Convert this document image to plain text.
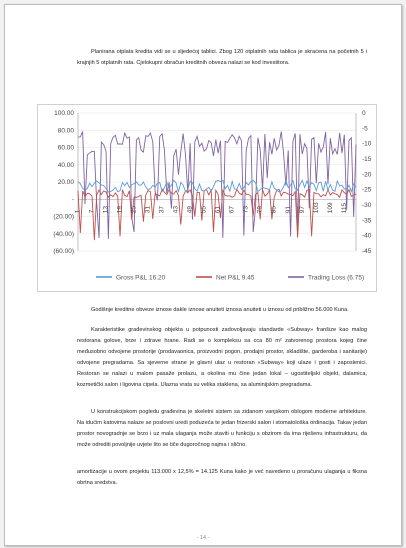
Planirana otplata kredita vidi se u sljedećoj tablici. Zbog 120 otplatnih rata tablica je skraćena na početnih 5 i krajnjih 5 otplatnih rata. Cjelokupni obračun kreditnih obveza nalazi se kod investitora.

100.00
80.00
60.00
40.00
20.00
-
(20.00)
(40.00)
(60.00)
0
-5
-10
-15
-20
-25
-30
-35
-40
-45
1 7 13 19 25 31 37 43 49 55 61 67 73 79 85 91 97 103 109 115
Gross P&L 16.20	Net P&L 9.45	Trading Loss (6.75)

Godišnje kreditne obveze iznose dakle iznose anuiteti iznosa anuiteti u iznosu od približno 56.000 Kuna.

Karakteristike građevinskog objekta u potpunosti zadovoljavaju standarde «Subway» franšize kao malog restorana golove, brze i zdrave hrane. Radi se o kompleksu sa cca 80 m² zatvorenog prostora kojeg čine međusobno odvojene prostorije (prodavaonica, proizvodni pogon, prodajni prostor, skladište, garderoba i sanitarije) odvojene pregradama. Sa sjeverne strane je glavni ulaz u restoran «Subway» koji ulaze i gosti i zaposlenici. Restoran se nalazi u malom pasaže prolazu, a okolina mu čine jedan lokal – ugostiteljski objekt, dalamica, kozmetički salon i ligovina cipela. Ulazna vrata su velika staklena, sa aluminijskim pregradama.

U konstrukcijskom pogledu građevina je skeletni sistem sa zidanom vanjskom oblogom moderne arhitekture. Na idućim katovima nalaze se poslovni uredi poduzeća te jedan frizerski salon i stomatološka ordinacija. Takav jedan prostor novogradnje se brzo i uz mala ulaganja može staviti u funkciju s obzirom da ima riješenu infrastrukturu, da može odrediti povoljnije uvjete što se tiče dugoročnog najma i slično.

amortizacije u ovom projektu 113.000 x 12,5% = 14.125 Kuna kako je već navedeno u proračunu ulaganja u fiksna obrtna sredstva.

- 14 -
